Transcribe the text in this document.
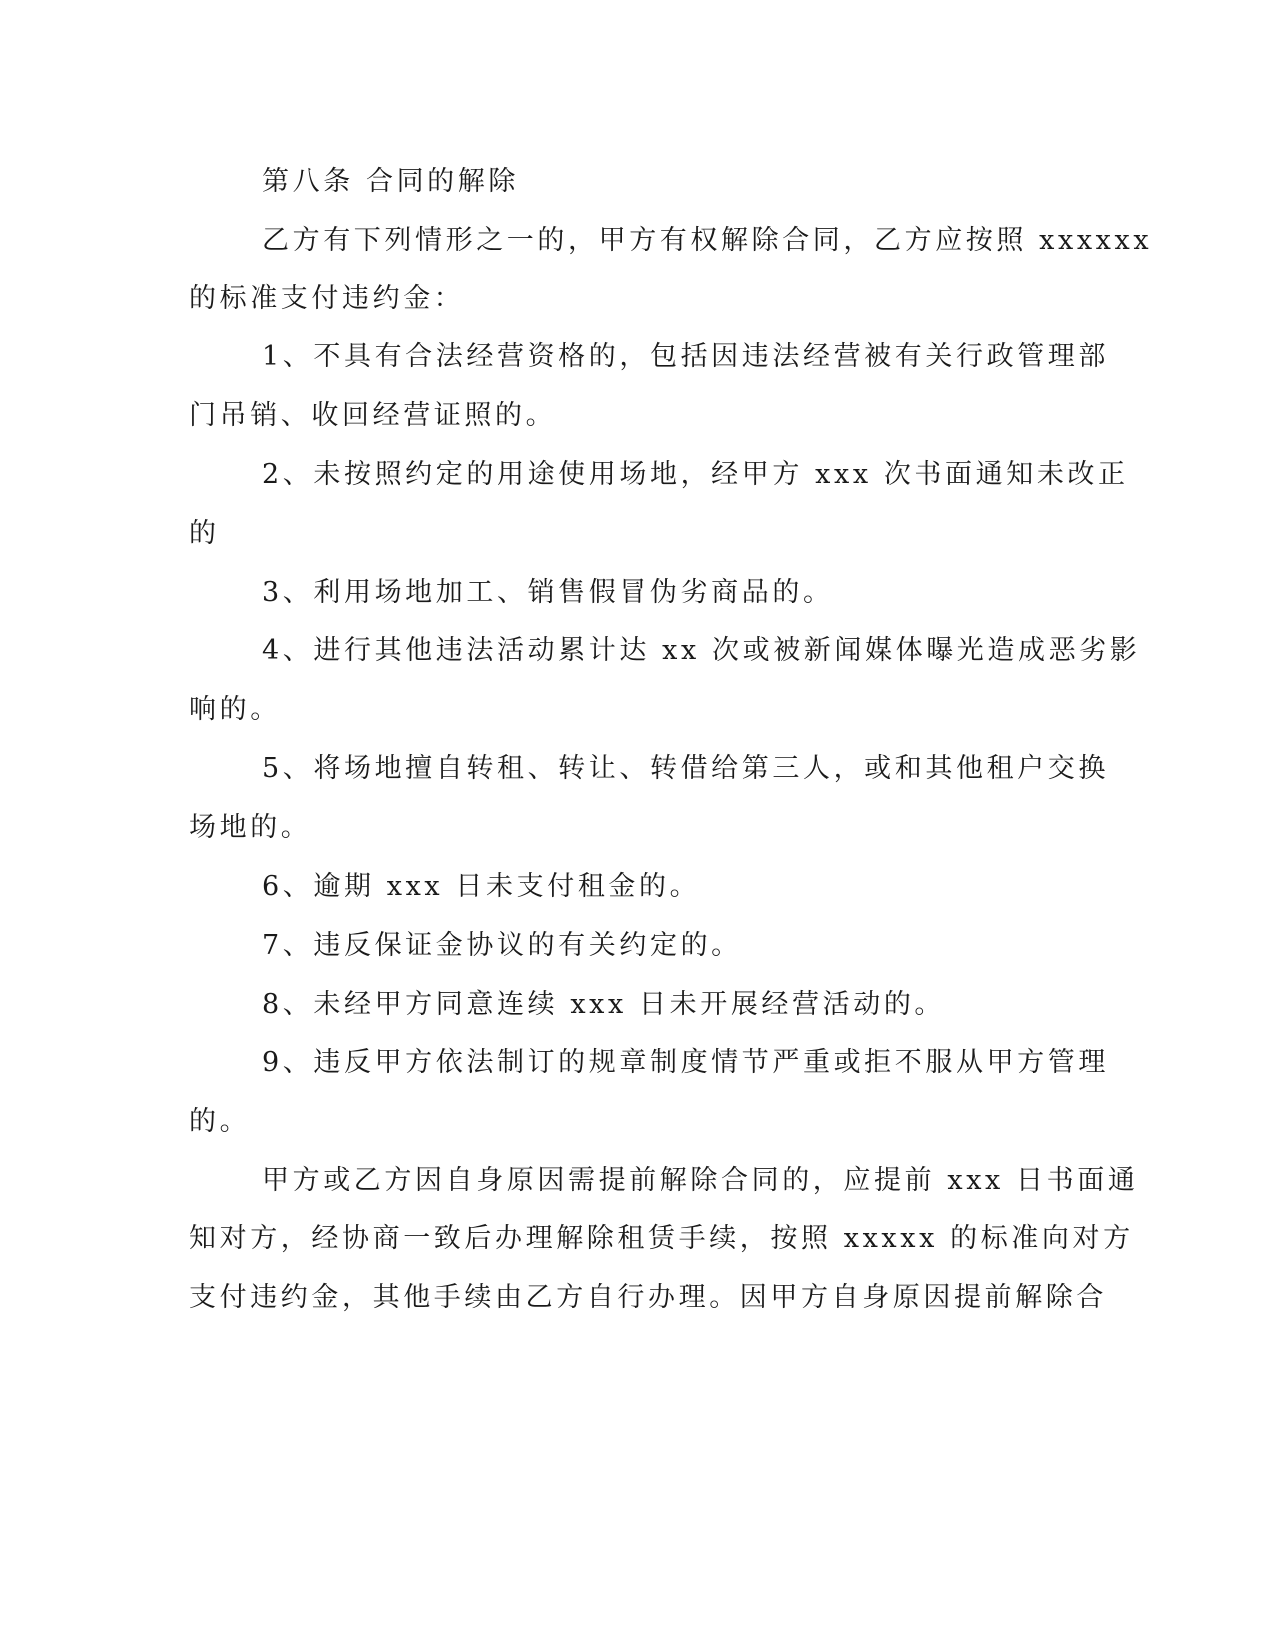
第八条 合同的解除
乙方有下列情形之一的，甲方有权解除合同，乙方应按照 xxxxxx
的标准支付违约金：
1、不具有合法经营资格的，包括因违法经营被有关行政管理部
门吊销、收回经营证照的。
2、未按照约定的用途使用场地，经甲方 xxx 次书面通知未改正
的
3、利用场地加工、销售假冒伪劣商品的。
4、进行其他违法活动累计达 xx 次或被新闻媒体曝光造成恶劣影
响的。
5、将场地擅自转租、转让、转借给第三人，或和其他租户交换
场地的。
6、逾期 xxx 日未支付租金的。
7、违反保证金协议的有关约定的。
8、未经甲方同意连续 xxx 日未开展经营活动的。
9、违反甲方依法制订的规章制度情节严重或拒不服从甲方管理
的。
甲方或乙方因自身原因需提前解除合同的，应提前 xxx 日书面通
知对方，经协商一致后办理解除租赁手续，按照 xxxxx 的标准向对方
支付违约金，其他手续由乙方自行办理。因甲方自身原因提前解除合
